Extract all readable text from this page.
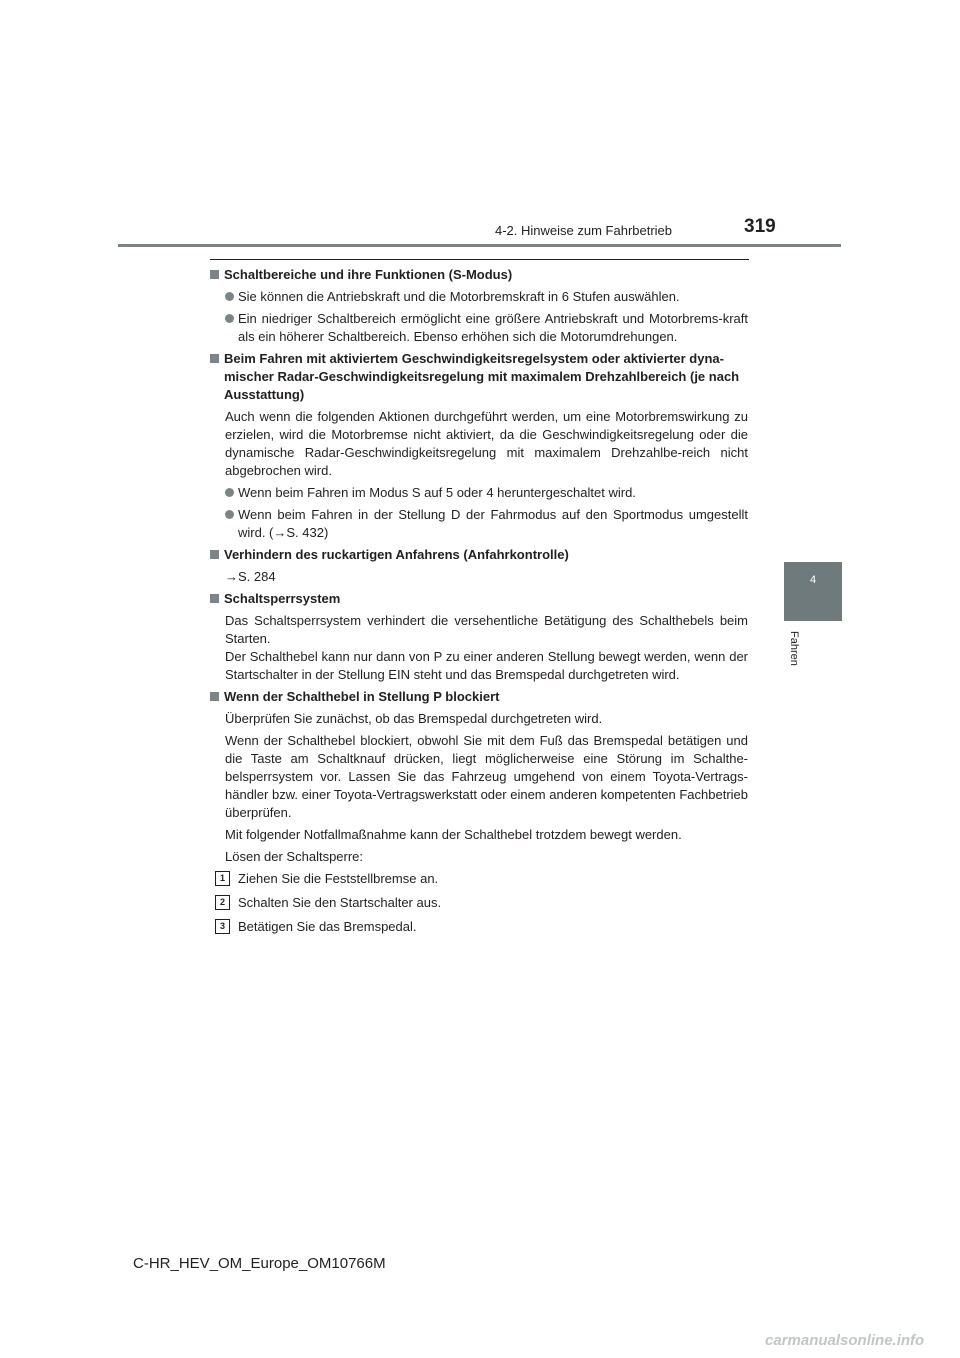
4-2. Hinweise zum Fahrbetrieb	319
4
Fahren
Schaltbereiche und ihre Funktionen (S-Modus)
Sie können die Antriebskraft und die Motorbremskraft in 6 Stufen auswählen.
Ein niedriger Schaltbereich ermöglicht eine größere Antriebskraft und Motorbrems-kraft als ein höherer Schaltbereich. Ebenso erhöhen sich die Motorumdrehungen.
Beim Fahren mit aktiviertem Geschwindigkeitsregelsystem oder aktivierter dyna-mischer Radar-Geschwindigkeitsregelung mit maximalem Drehzahlbereich (je nach Ausstattung)
Auch wenn die folgenden Aktionen durchgeführt werden, um eine Motorbremswirkung zu erzielen, wird die Motorbremse nicht aktiviert, da die Geschwindigkeitsregelung oder die dynamische Radar-Geschwindigkeitsregelung mit maximalem Drehzahlbe-reich nicht abgebrochen wird.
Wenn beim Fahren im Modus S auf 5 oder 4 heruntergeschaltet wird.
Wenn beim Fahren in der Stellung D der Fahrmodus auf den Sportmodus umgestellt wird. (→S. 432)
Verhindern des ruckartigen Anfahrens (Anfahrkontrolle)
→S. 284
Schaltsperrsystem
Das Schaltsperrsystem verhindert die versehentliche Betätigung des Schalthebels beim Starten.
Der Schalthebel kann nur dann von P zu einer anderen Stellung bewegt werden, wenn der Startschalter in der Stellung EIN steht und das Bremspedal durchgetreten wird.
Wenn der Schalthebel in Stellung P blockiert
Überprüfen Sie zunächst, ob das Bremspedal durchgetreten wird.
Wenn der Schalthebel blockiert, obwohl Sie mit dem Fuß das Bremspedal betätigen und die Taste am Schaltknauf drücken, liegt möglicherweise eine Störung im Schalthe-belsperrsystem vor. Lassen Sie das Fahrzeug umgehend von einem Toyota-Vertrags-händler bzw. einer Toyota-Vertragswerkstatt oder einem anderen kompetenten Fachbetrieb überprüfen.
Mit folgender Notfallmaßnahme kann der Schalthebel trotzdem bewegt werden.
Lösen der Schaltsperre:
1	Ziehen Sie die Feststellbremse an.
2	Schalten Sie den Startschalter aus.
3	Betätigen Sie das Bremspedal.
C-HR_HEV_OM_Europe_OM10766M
carmanualsonline.info
